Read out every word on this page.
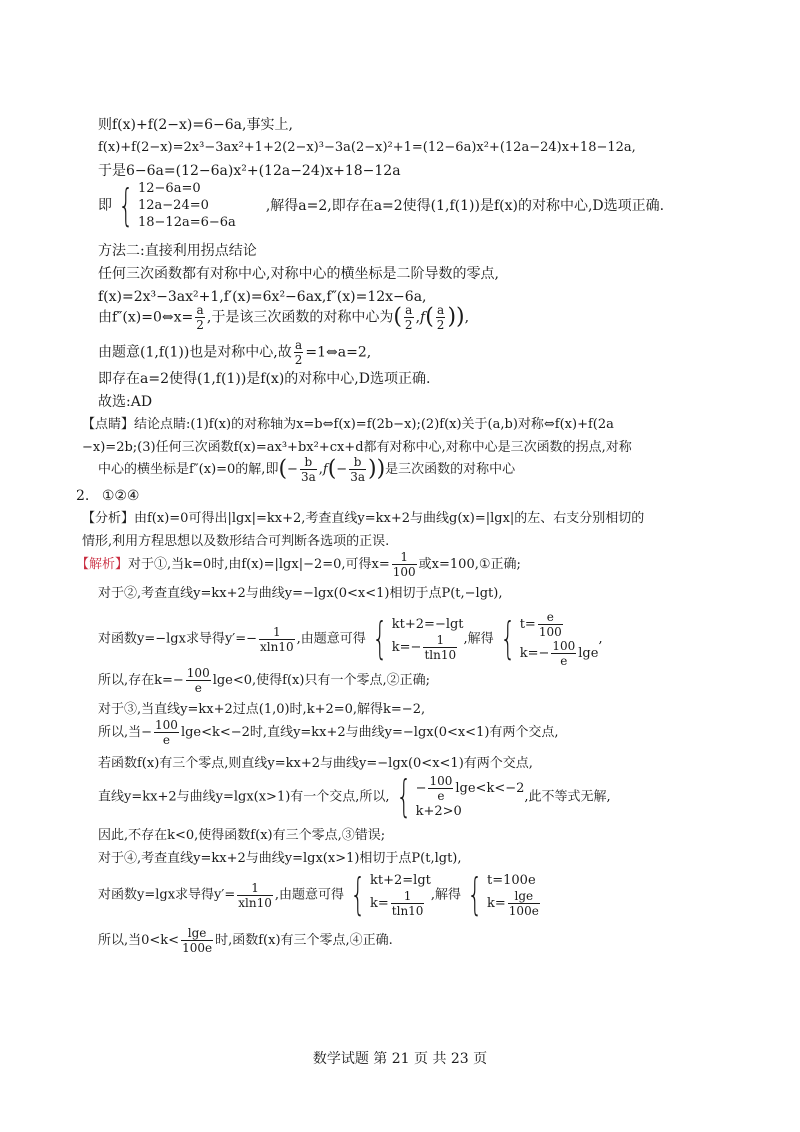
则f(x)+f(2−x)=6−6a,事实上,
f(x)+f(2−x)=2x³−3ax²+1+2(2−x)³−3a(2−x)²+1=(12−6a)x²+(12a−24)x+18−12a,
于是6−6a=(12−6a)x²+(12a−24)x+18−12a
即 { 12−6a=0
12a−24=0
18−12a=6−6a
,解得a=2,即存在a=2使得(1,f(1))是f(x)的对称中心,D选项正确.
方法二:直接利用拐点结论
任何三次函数都有对称中心,对称中心的横坐标是二阶导数的零点,
f(x)=2x³−3ax²+1,f′(x)=6x²−6ax,f″(x)=12x−6a,
由f″(x)=0⇔x= $\frac{a}{2}$ ,于是该三次函数的对称中心为( $\frac{a}{2} ,f( \frac{a}{2}$ )),
由题意(1,f(1))也是对称中心,故 $\frac{a}{2}$ =1⇔a=2,
即存在a=2使得(1,f(1))是f(x)的对称中心,D选项正确.
故选:AD
【点睛】结论点睛:(1)f(x)的对称轴为x=b⇔f(x)=f(2b−x);(2)f(x)关于(a,b)对称⇔f(x)+f(2a
−x)=2b;(3)任何三次函数f(x)=ax³+bx²+cx+d都有对称中心,对称中心是三次函数的拐点,对称
中心的横坐标是f″(x)=0的解,即(− $\frac{b}{3a} ,f(- \frac{b}{3a}$ ))是三次函数的对称中心
2. ①②④
【分析】由f(x)=0可得出|lgx|=kx+2,考查直线y=kx+2与曲线g(x)=|lgx|的左、右支分别相切的
情形,利用方程思想以及数形结合可判断各选项的正误.
【解析】对于①,当k=0时,由f(x)=|lgx|−2=0,可得$x= \frac{1}{100}$ 或x=100,①正确;
对于②,考查直线y=kx+2与曲线y=−lgx(0<x<1)相切于点P(t,−lgt),
对函数y=−lgx求导得$y'=- \frac{1}{xln10}$ ,由题意可得 { kt+2=−lgt
$k=- \frac{1}{tln10}$ ,解得 { $t= \frac{e}{100}$
$k=- \frac{100}{e}$ lge
,
所以,存在$k=- \frac{100}{e} \lg e<0$,使得f(x)只有一个零点,②正确;
对于③,当直线y=kx+2过点(1,0)时,k+2=0,解得k=−2,
所以,当− $\frac{100}{e} \lg e<k<-2$时,直线y=kx+2与曲线y=−lgx(0<x<1)有两个交点,
若函数f(x)有三个零点,则直线y=kx+2与曲线y=−lgx(0<x<1)有两个交点,
直线y=kx+2与曲线y=lgx(x>1)有一个交点,所以, { − $\frac{100}{e} \lg e<k<-2$
k+2>0
,此不等式无解,
因此,不存在k<0,使得函数f(x)有三个零点,③错误;
对于④,考查直线y=kx+2与曲线y=lgx(x>1)相切于点P(t,lgt),
对函数y=lgx求导得$y'= \frac{1}{xln10}$ ,由题意可得 { kt+2=lgt
$k= \frac{1}{tln10}$ ,解得 { t=100e
$k= \frac{\lg e}{100e}$
所以,当$0<k< \frac{\lg e}{100e}$ 时,函数f(x)有三个零点,④正确.
数学试题 第 21 页 共 23 页
